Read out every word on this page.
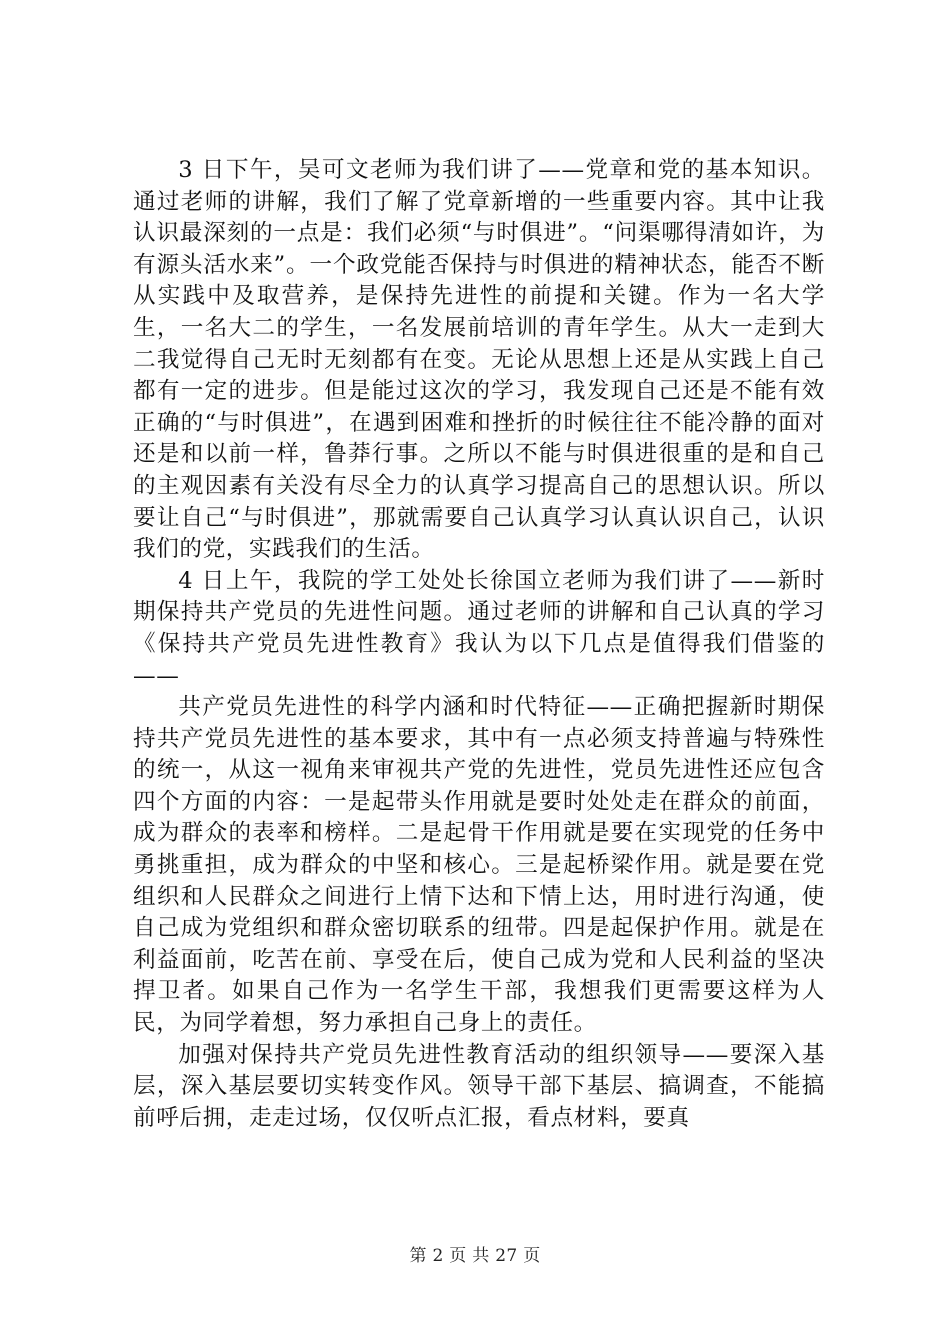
3 日下午，吴可文老师为我们讲了——党章和党的基本知识。通过老师的讲解，我们了解了党章新增的一些重要内容。其中让我认识最深刻的一点是：我们必须“与时俱进”。“问渠哪得清如许，为有源头活水来”。一个政党能否保持与时俱进的精神状态，能否不断从实践中及取营养，是保持先进性的前提和关键。作为一名大学生，一名大二的学生，一名发展前培训的青年学生。从大一走到大二我觉得自己无时无刻都有在变。无论从思想上还是从实践上自己都有一定的进步。但是能过这次的学习，我发现自己还是不能有效正确的“与时俱进”，在遇到困难和挫折的时候往往不能冷静的面对还是和以前一样，鲁莽行事。之所以不能与时俱进很重的是和自己的主观因素有关没有尽全力的认真学习提高自己的思想认识。所以要让自己“与时俱进”，那就需要自己认真学习认真认识自己，认识我们的党，实践我们的生活。

4 日上午，我院的学工处处长徐国立老师为我们讲了——新时期保持共产党员的先进性问题。通过老师的讲解和自己认真的学习《保持共产党员先进性教育》我认为以下几点是值得我们借鉴的——

共产党员先进性的科学内涵和时代特征——正确把握新时期保持共产党员先进性的基本要求，其中有一点必须支持普遍与特殊性的统一，从这一视角来审视共产党的先进性，党员先进性还应包含四个方面的内容：一是起带头作用就是要时处处走在群众的前面，成为群众的表率和榜样。二是起骨干作用就是要在实现党的任务中勇挑重担，成为群众的中坚和核心。三是起桥梁作用。就是要在党组织和人民群众之间进行上情下达和下情上达，用时进行沟通，使自己成为党组织和群众密切联系的纽带。四是起保护作用。就是在利益面前，吃苦在前、享受在后，使自己成为党和人民利益的坚决捍卫者。如果自己作为一名学生干部，我想我们更需要这样为人民，为同学着想，努力承担自己身上的责任。

加强对保持共产党员先进性教育活动的组织领导——要深入基层，深入基层要切实转变作风。领导干部下基层、搞调查，不能搞前呼后拥，走走过场，仅仅听点汇报，看点材料，要真

第 2 页 共 27 页
